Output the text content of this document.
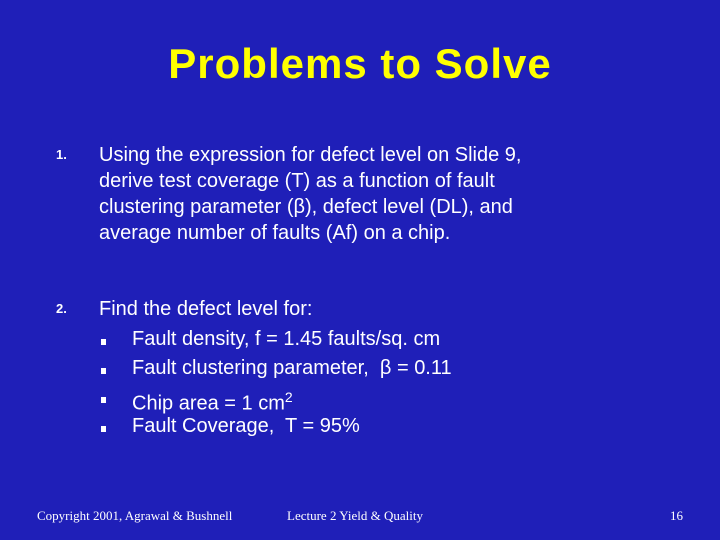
Problems to Solve
1. Using the expression for defect level on Slide 9,
derive test coverage (T) as a function of fault
clustering parameter (β), defect level (DL), and
average number of faults (Af) on a chip.
2. Find the defect level for:
Fault density, f = 1.45 faults/sq. cm
Fault clustering parameter,  β = 0.11
Chip area = 1 $cm^2$
Fault Coverage,  T = 95%
Copyright 2001, Agrawal & Bushnell	Lecture 2 Yield & Quality	16
